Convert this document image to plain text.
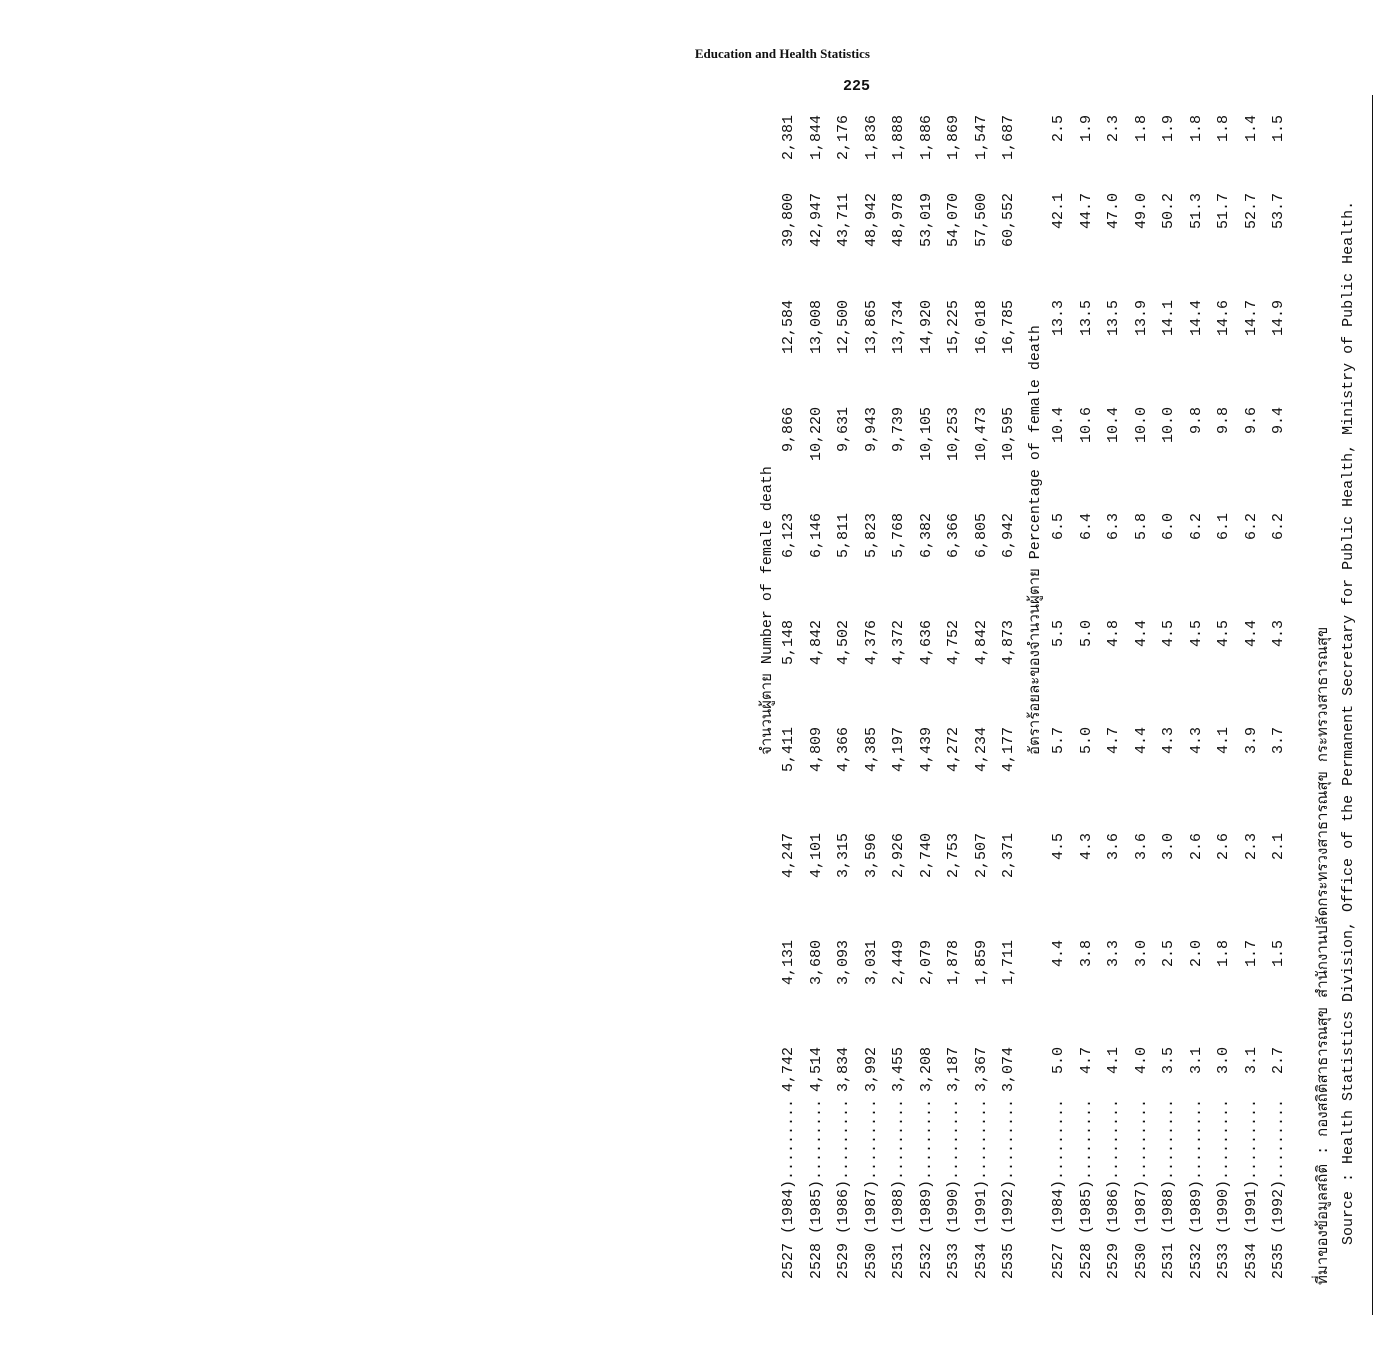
Education and Health Statistics
225
จำนวนผู้ตาย Number of female death	อัตราร้อยละของจำนวนผู้ตาย Percentage of female death
2527 (1984).........
4,742
4,131
4,247
5,411
5,148
6,123
9,866
12,584
39,800
2,381
2528 (1985).........
4,514
3,680
4,101
4,809
4,842
6,146
10,220
13,008
42,947
1,844
2529 (1986).........
3,834
3,093
3,315
4,366
4,502
5,811
9,631
12,500
43,711
2,176
2530 (1987).........
3,992
3,031
3,596
4,385
4,376
5,823
9,943
13,865
48,942
1,836
2531 (1988).........
3,455
2,449
2,926
4,197
4,372
5,768
9,739
13,734
48,978
1,888
2532 (1989).........
3,208
2,079
2,740
4,439
4,636
6,382
10,105
14,920
53,019
1,886
2533 (1990).........
3,187
1,878
2,753
4,272
4,752
6,366
10,253
15,225
54,070
1,869
2534 (1991).........
3,367
1,859
2,507
4,234
4,842
6,805
10,473
16,018
57,500
1,547
2535 (1992).........
3,074
1,711
2,371
4,177
4,873
6,942
10,595
16,785
60,552
1,687
2527 (1984).........
5.0
4.4
4.5
5.7
5.5
6.5
10.4
13.3
42.1
2.5
2528 (1985).........
4.7
3.8
4.3
5.0
5.0
6.4
10.6
13.5
44.7
1.9
2529 (1986).........
4.1
3.3
3.6
4.7
4.8
6.3
10.4
13.5
47.0
2.3
2530 (1987).........
4.0
3.0
3.6
4.4
4.4
5.8
10.0
13.9
49.0
1.8
2531 (1988).........
3.5
2.5
3.0
4.3
4.5
6.0
10.0
14.1
50.2
1.9
2532 (1989).........
3.1
2.0
2.6
4.3
4.5
6.2
9.8
14.4
51.3
1.8
2533 (1990).........
3.0
1.8
2.6
4.1
4.5
6.1
9.8
14.6
51.7
1.8
2534 (1991).........
3.1
1.7
2.3
3.9
4.4
6.2
9.6
14.7
52.7
1.4
2535 (1992).........
2.7
1.5
2.1
3.7
4.3
6.2
9.4
14.9
53.7
1.5
ที่มาของข้อมูลสถิติ : กองสถิติสาธารณสุข สำนักงานปลัดกระทรวงสาธารณสุข กระทรวงสาธารณสุข Source : Health Statistics Division, Office of the Permanent Secretary for Public Health, Ministry of Public Health.
